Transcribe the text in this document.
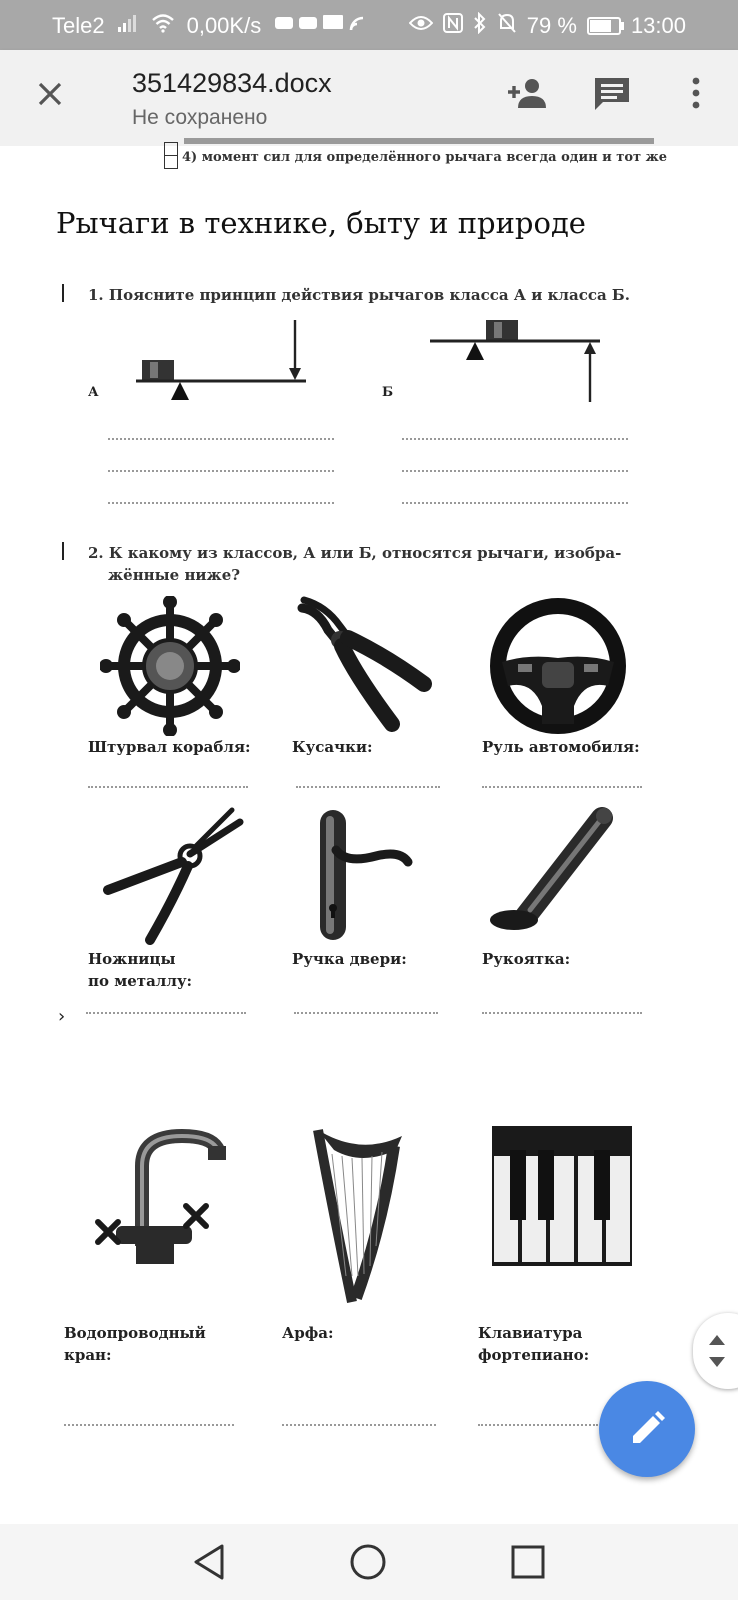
Tele2	0,00K/s	79 % 13:00
351429834.docx
Не сохранено
4) момент сил для определённого рычага всегда один и тот же
Рычаги в технике, быту и природе
1. Поясните принцип действия рычагов класса А и класса Б.
А	Б
2. К какому из классов, А или Б, относятся рычаги, изобра-
жённые ниже?
Штурвал корабля:	Кусачки:	Руль автомобиля:
Ножницы
по металлу:
Ручка двери:	Рукоятка:
›
Водопроводный
кран:
Арфа:	Клавиатура
фортепиано:
